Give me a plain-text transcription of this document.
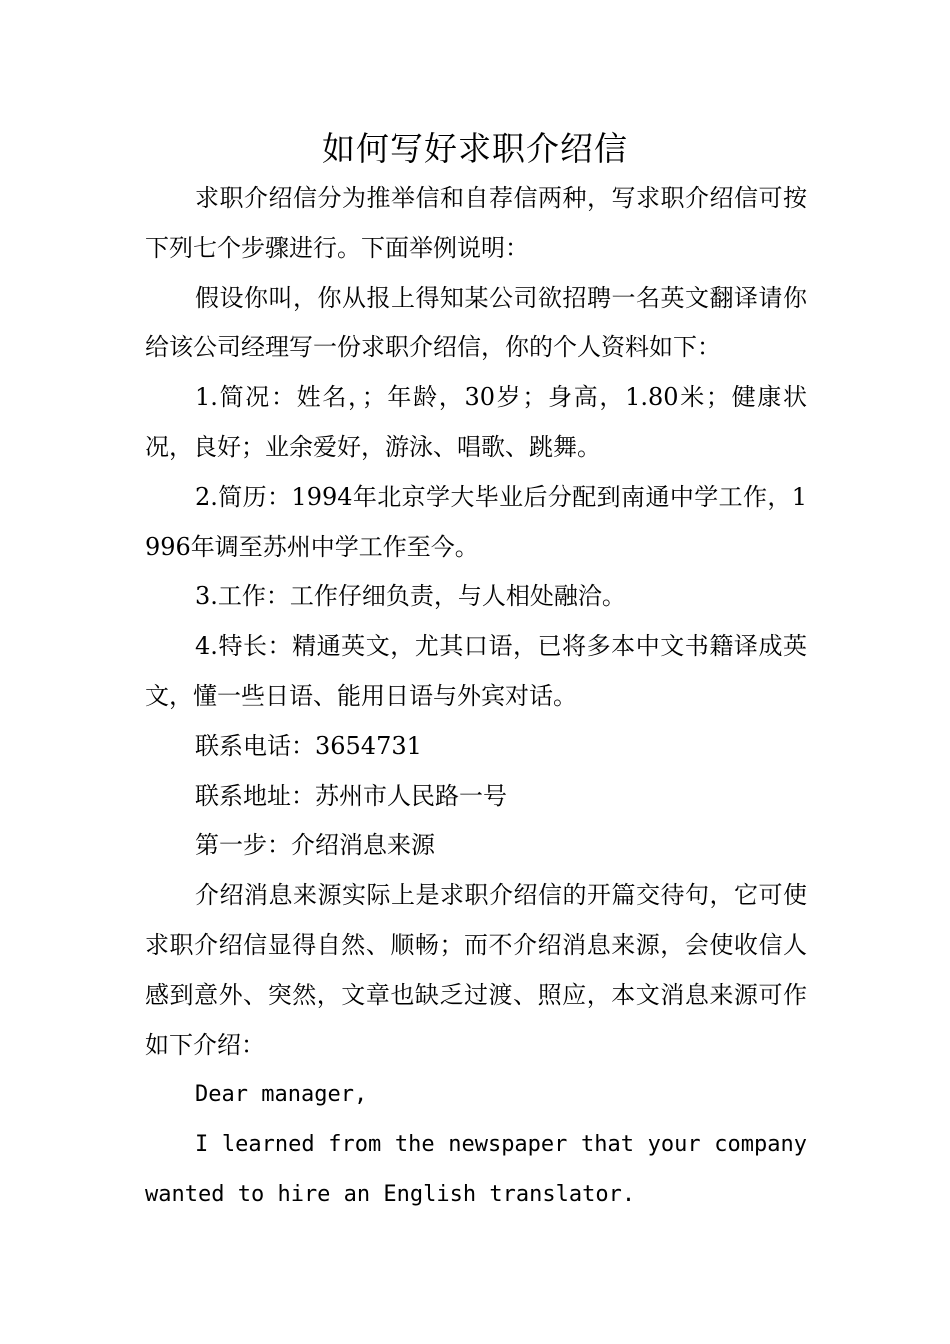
如何写好求职介绍信

求职介绍信分为推举信和自荐信两种，写求职介绍信可按下列七个步骤进行。下面举例说明：

假设你叫，你从报上得知某公司欲招聘一名英文翻译请你给该公司经理写一份求职介绍信，你的个人资料如下：

1.简况：姓名，；年龄，30岁；身高，1.80米；健康状况，良好；业余爱好，游泳、唱歌、跳舞。

2.简历：1994年北京学大毕业后分配到南通中学工作，1996年调至苏州中学工作至今。

3.工作：工作仔细负责，与人相处融洽。

4.特长：精通英文，尤其口语，已将多本中文书籍译成英文，懂一些日语、能用日语与外宾对话。

联系电话：3654731

联系地址：苏州市人民路一号

第一步：介绍消息来源

介绍消息来源实际上是求职介绍信的开篇交待句，它可使求职介绍信显得自然、顺畅；而不介绍消息来源，会使收信人感到意外、突然，文章也缺乏过渡、照应，本文消息来源可作如下介绍：

Dear manager,

I learned from the newspaper that your company wanted to hire an English translator.
